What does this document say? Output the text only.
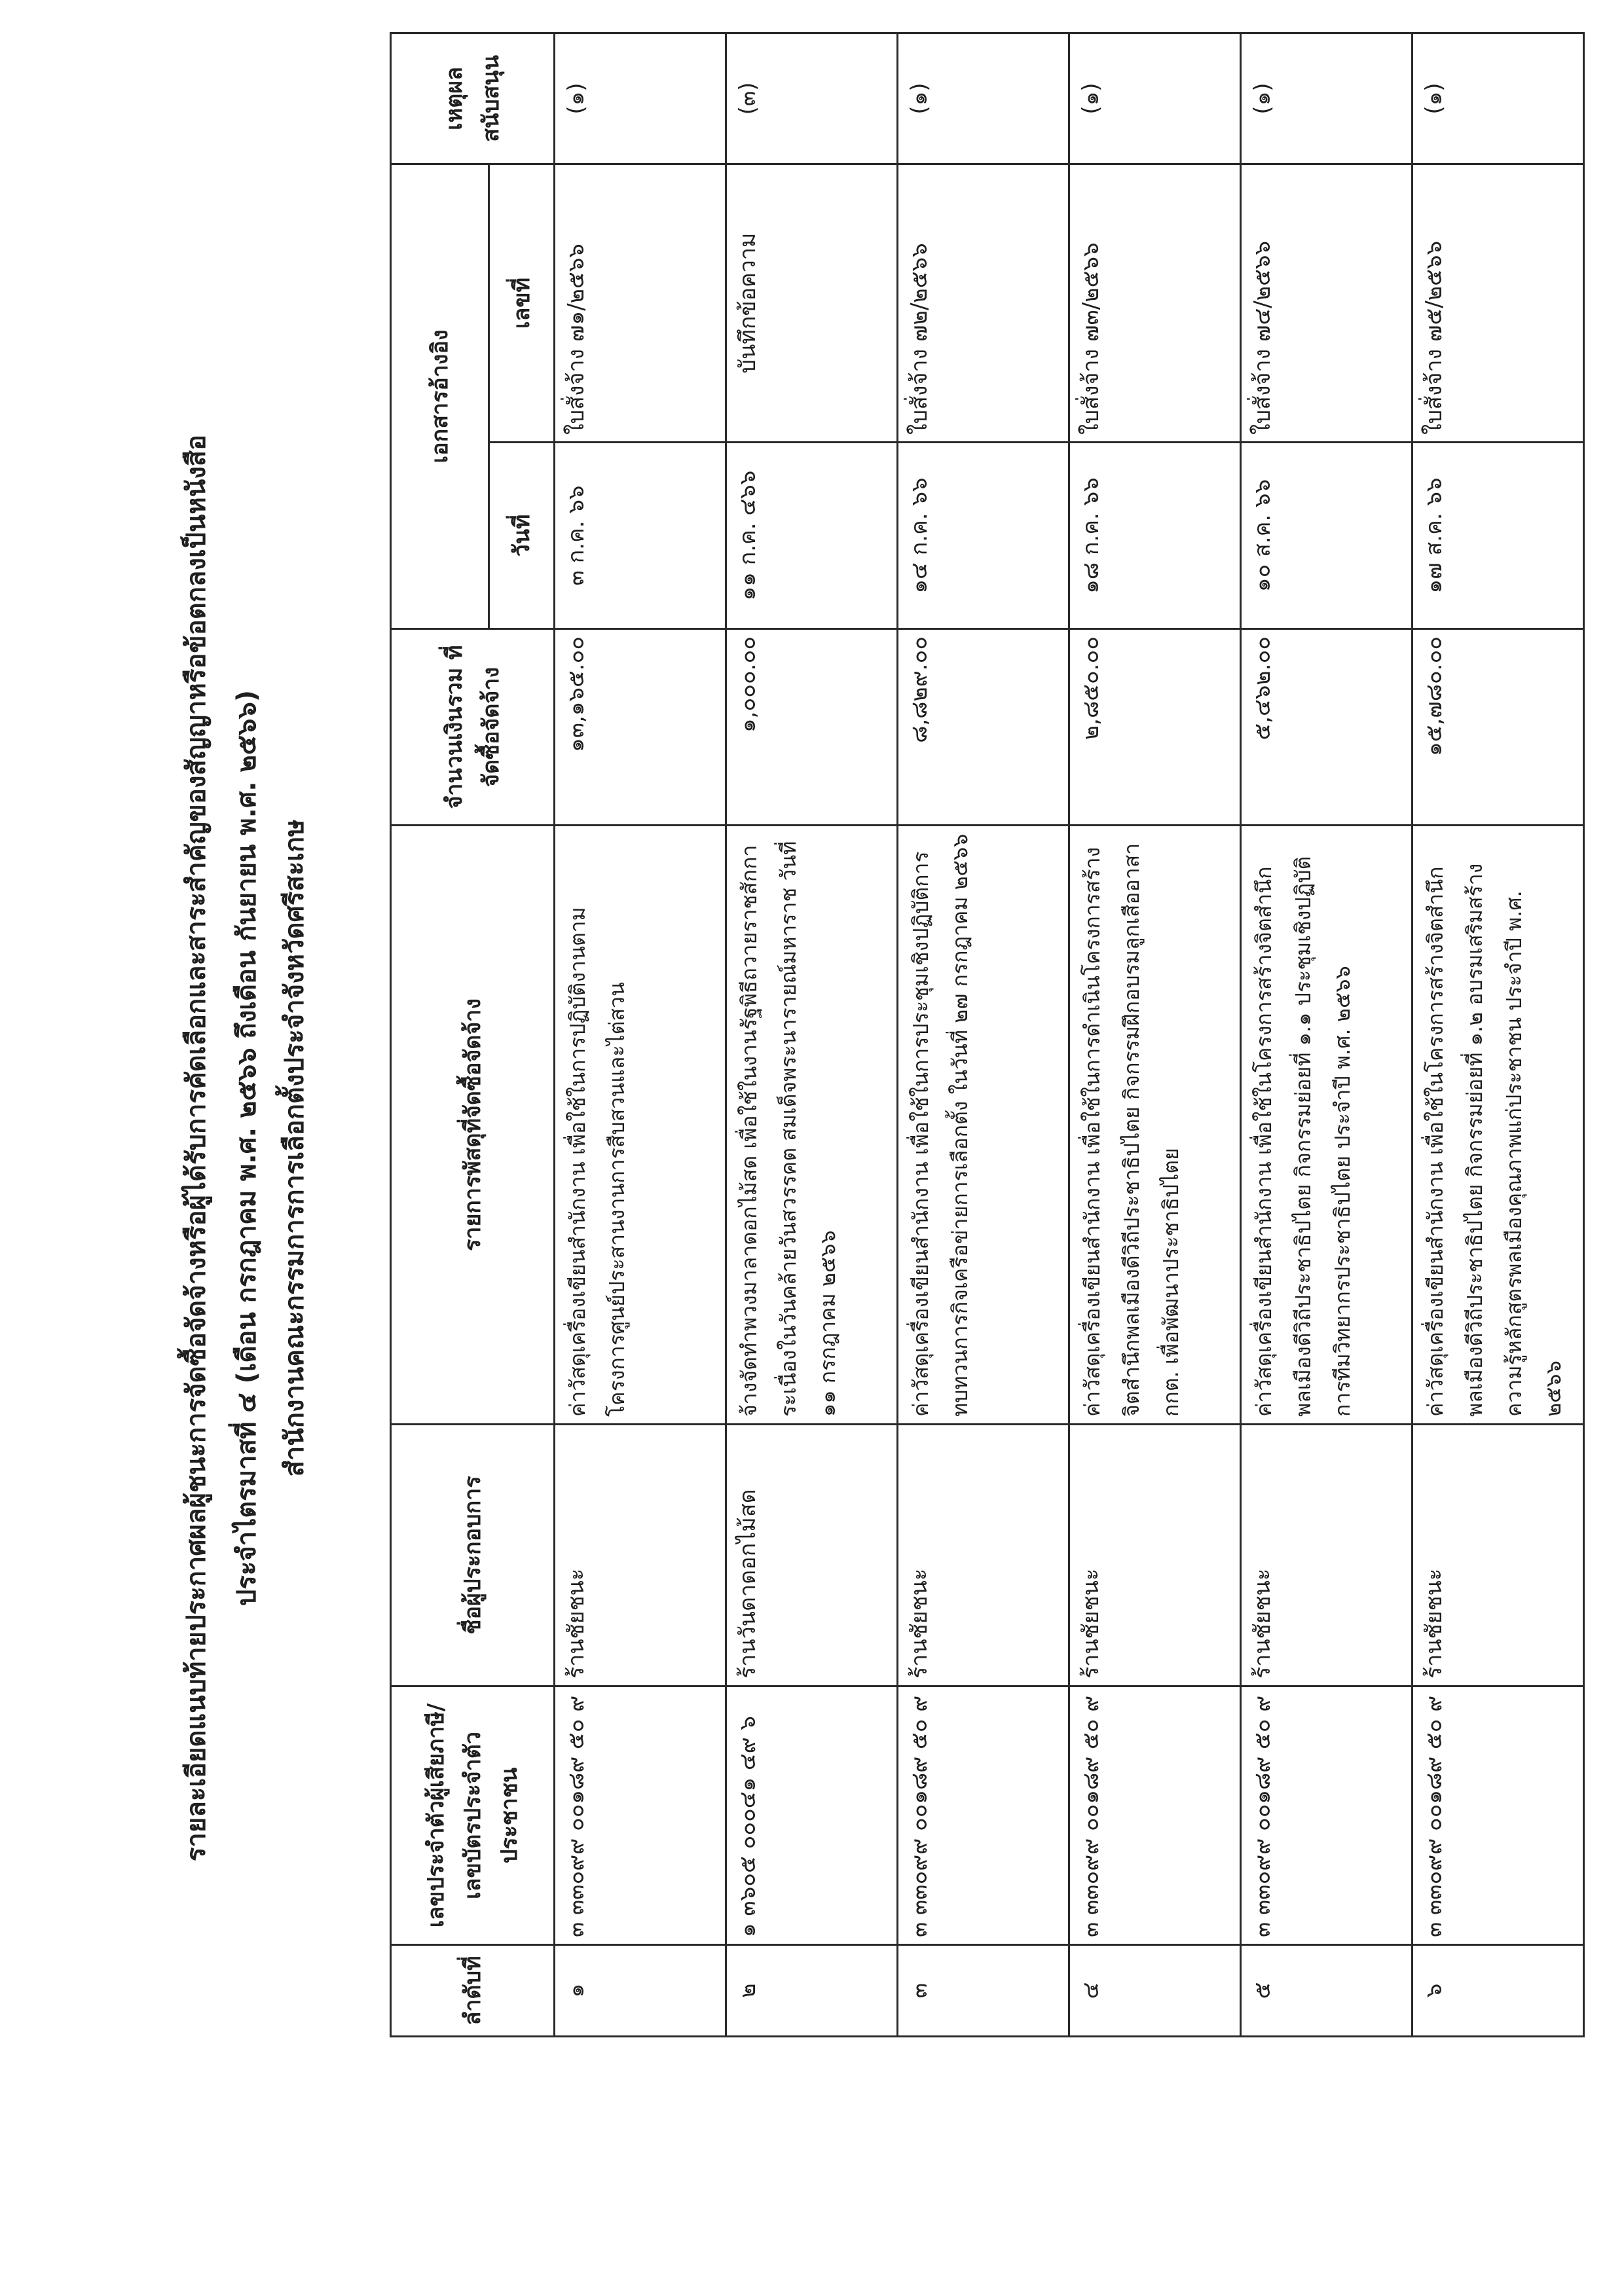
รายละเอียดแนบท้ายประกาศผลผู้ชนะการจัดซื้อจัดจ้างหรือผู้ได้รับการคัดเลือกและสาระสำคัญของสัญญาหรือข้อตกลงเป็นหนังสือ ประจำไตรมาสที่ ๔ (เดือน กรกฎาคม พ.ศ. ๒๕๖๖ ถึงเดือน กันยายน พ.ศ. ๒๕๖๖) สำนักงานคณะกรรมการการเลือกตั้งประจำจังหวัดศรีสะเกษ
ลำดับที่	เลขประจำตัวผู้เสียภาษี/ เลขบัตรประจำตัวประชาชน	ชื่อผู้ประกอบการ	รายการพัสดุที่จัดซื้อจัดจ้าง	จำนวนเงินรวม ที่จัดซื้อจัดจ้าง	เอกสารอ้างอิง		เหตุผล สนับสนุน
					วันที่	เลขที่	
๑	๓ ๓๓๐๙๙ ๐๐๑๘๙ ๕๐ ๙	ร้านชัยชนะ	ค่าวัสดุเครื่องเขียนสำนักงาน เพื่อใช้ในการปฏิบัติงานตามโครงการศูนย์ประสานงานการสืบสวนและไต่สวน	๑๓,๑๖๕.๐๐	๓ ก.ค. ๖๖	ใบสั่งจ้าง ๗๑/๒๕๖๖	(๑)
๒	๑ ๓๖๐๕ ๐๐๐๔๑ ๔๙ ๖	ร้านวันดาดอกไม้สด	จ้างจัดทำพวงมาลาดอกไม้สด เพื่อใช้ในงานรัฐพิธีถวายราชสักการะเนื่องในวันคล้ายวันสวรรคต สมเด็จพระนารายณ์มหาราช วันที่ ๑๑ กรกฎาคม ๒๕๖๖	๑,๐๐๐.๐๐	๑๑ ก.ค. ๔๖๖	บันทึกข้อความ	(๓)
๓	๓ ๓๓๐๙๙ ๐๐๑๘๙ ๕๐ ๙	ร้านชัยชนะ	ค่าวัสดุเครื่องเขียนสำนักงาน เพื่อใช้ในการประชุมเชิงปฏิบัติการทบทวนการกิจเครือข่ายการเลือกตั้ง ในวันที่ ๒๗ กรกฎาคม ๒๕๖๖	๘,๘๒๙.๐๐	๑๔ ก.ค. ๖๖	ใบสั่งจ้าง ๗๒/๒๕๖๖	(๑)
๔	๓ ๓๓๐๙๙ ๐๐๑๘๙ ๕๐ ๙	ร้านชัยชนะ	ค่าวัสดุเครื่องเขียนสำนักงาน เพื่อใช้ในการดำเนินโครงการสร้างจิตสำนึกพลเมืองดีวิถีประชาธิปไตย กิจกรรมฝึกอบรมลูกเสืออาสา กกต. เพื่อพัฒนาประชาธิปไตย	๒,๘๕๐.๐๐	๑๘ ก.ค. ๖๖	ใบสั่งจ้าง ๗๓/๒๕๖๖	(๑)
๕	๓ ๓๓๐๙๙ ๐๐๑๘๙ ๕๐ ๙	ร้านชัยชนะ	ค่าวัสดุเครื่องเขียนสำนักงาน เพื่อใช้ในโครงการสร้างจิตสำนึกพลเมืองดีวิถีประชาธิปไตย กิจกรรมย่อยที่ ๑.๑ ประชุมเชิงปฏิบัติการทีมวิทยากรประชาธิปไตย ประจำปี พ.ศ. ๒๕๖๖	๕,๔๖๒.๐๐	๑๐ ส.ค. ๖๖	ใบสั่งจ้าง ๗๔/๒๕๖๖	(๑)
๖	๓ ๓๓๐๙๙ ๐๐๑๘๙ ๕๐ ๙	ร้านชัยชนะ	ค่าวัสดุเครื่องเขียนสำนักงาน เพื่อใช้ในโครงการสร้างจิตสำนึกพลเมืองดีวิถีประชาธิปไตย กิจกรรมย่อยที่ ๑.๒ อบรมเสริมสร้างความรู้หลักสูตรพลเมืองคุณภาพแก่ประชาชน ประจำปี พ.ศ. ๒๕๖๖	๑๕,๗๘๐.๐๐	๑๗ ส.ค. ๖๖	ใบสั่งจ้าง ๗๕/๒๕๖๖	(๑)
